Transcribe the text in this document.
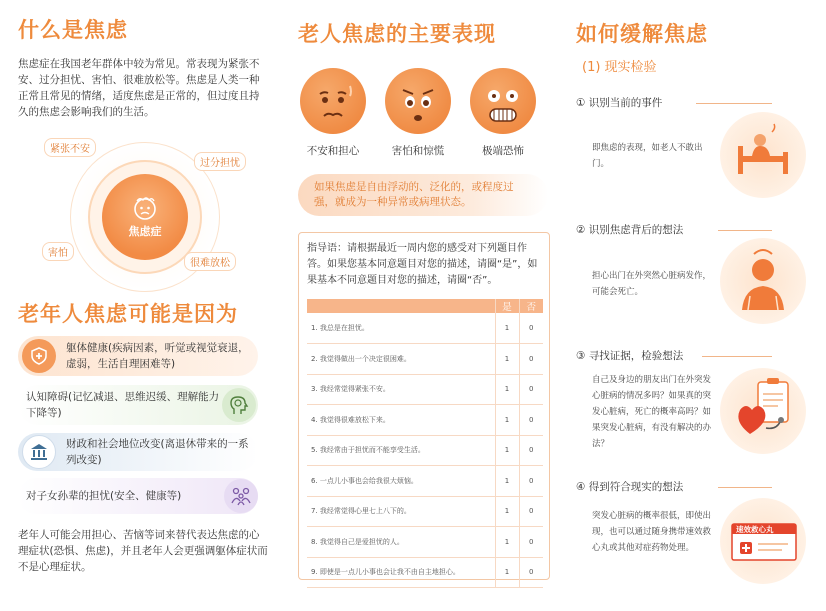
什么是焦虑
焦虑症在我国老年群体中较为常见。常表现为紧张不安、过分担忧、害怕、很难放松等。焦虑是人类一种正常且常见的情绪，适度焦虑是正常的，但过度且持久的焦虑会影响我们的生活。
焦虑症
紧张不安
过分担忧
害怕
很难放松
老年人焦虑可能是因为
躯体健康(疾病因素，听觉或视觉衰退，虚弱，生活自理困难等)
认知障碍(记忆减退、思维迟缓、理解能力下降等)
财政和社会地位改变(离退休带来的一系列改变)
对子女孙辈的担忧(安全、健康等)
老年人可能会用担心、苦恼等词来替代表达焦虑的心理症状(恐惧、焦虑)，并且老年人会更强调躯体症状而不是心理症状。
老人焦虑的主要表现
不安和担心	害怕和惊慌	极端恐怖
如果焦虑是自由浮动的、泛化的，或程度过强，就成为一种异常或病理状态。
指导语：请根据最近一周内您的感受对下列题目作答。如果您基本同意题目对您的描述，请圈“是”，如果基本不同意题目对您的描述，请圈“否”。
	是	否
1. 我总是在担忧。	1	0
2. 我觉得做出一个决定很困难。	1	0
3. 我经常觉得紧张不安。	1	0
4. 我觉得很难放松下来。	1	0
5. 我经常由于担忧而不能享受生活。	1	0
6. 一点儿小事也会给我很大烦恼。	1	0
7. 我经常觉得心里七上八下的。	1	0
8. 我觉得自己是爱担忧的人。	1	0
9. 即使是一点儿小事也会让我不由自主地担心。	1	0
如何缓解焦虑
(1) 现实检验
① 识别当前的事件
即焦虑的表现，如老人不敢出门。
② 识别焦虑背后的想法
担心出门在外突然心脏病发作，可能会死亡。
③ 寻找证据，检验想法
自己及身边的朋友出门在外突发心脏病的情况多吗？如果真的突发心脏病，死亡的概率高吗？如果突发心脏病，有没有解决的办法？
④ 得到符合现实的想法
突发心脏病的概率很低，即使出现，也可以通过随身携带速效救心丸或其他对症药物处理。
速效救心丸
